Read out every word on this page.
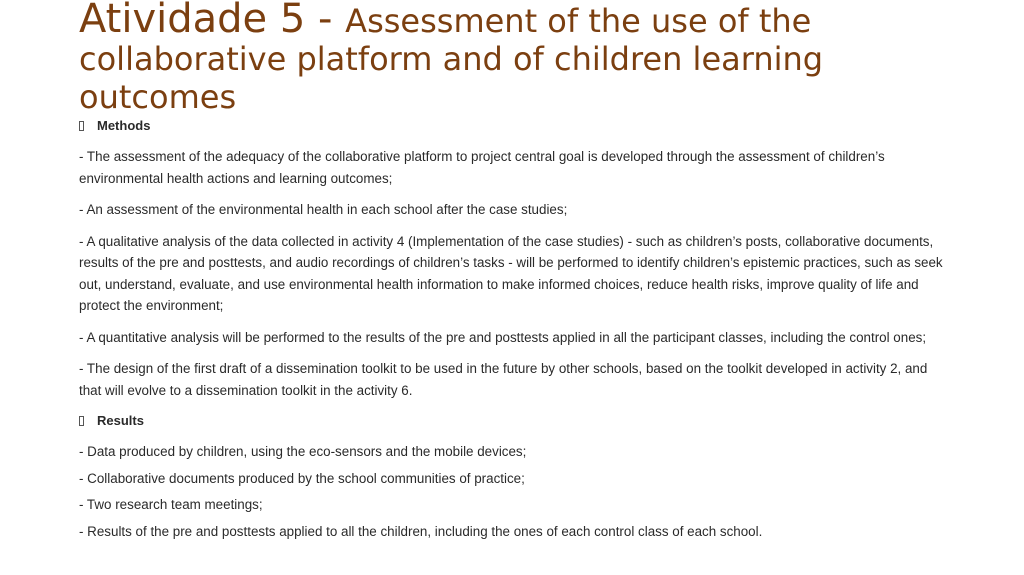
Atividade 5 - Assessment of the use of the collaborative platform and of children learning outcomes
Methods

- The assessment of the adequacy of the collaborative platform to project central goal is developed through the assessment of children’s environmental health actions and learning outcomes;

- An assessment of the environmental health in each school after the case studies;

- A qualitative analysis of the data collected in activity 4 (Implementation of the case studies) - such as children’s posts, collaborative documents, results of the pre and posttests, and audio recordings of children’s tasks - will be performed to identify children’s epistemic practices, such as seek out, understand, evaluate, and use environmental health information to make informed choices, reduce health risks, improve quality of life and protect the environment;

- A quantitative analysis will be performed to the results of the pre and posttests applied in all the participant classes, including the control ones;

- The design of the first draft of a dissemination toolkit to be used in the future by other schools, based on the toolkit developed in activity 2, and that will evolve to a dissemination toolkit in the activity 6.

Results

- Data produced by children, using the eco-sensors and the mobile devices;

- Collaborative documents produced by the school communities of practice;

- Two research team meetings;

- Results of the pre and posttests applied to all the children, including the ones of each control class of each school.
